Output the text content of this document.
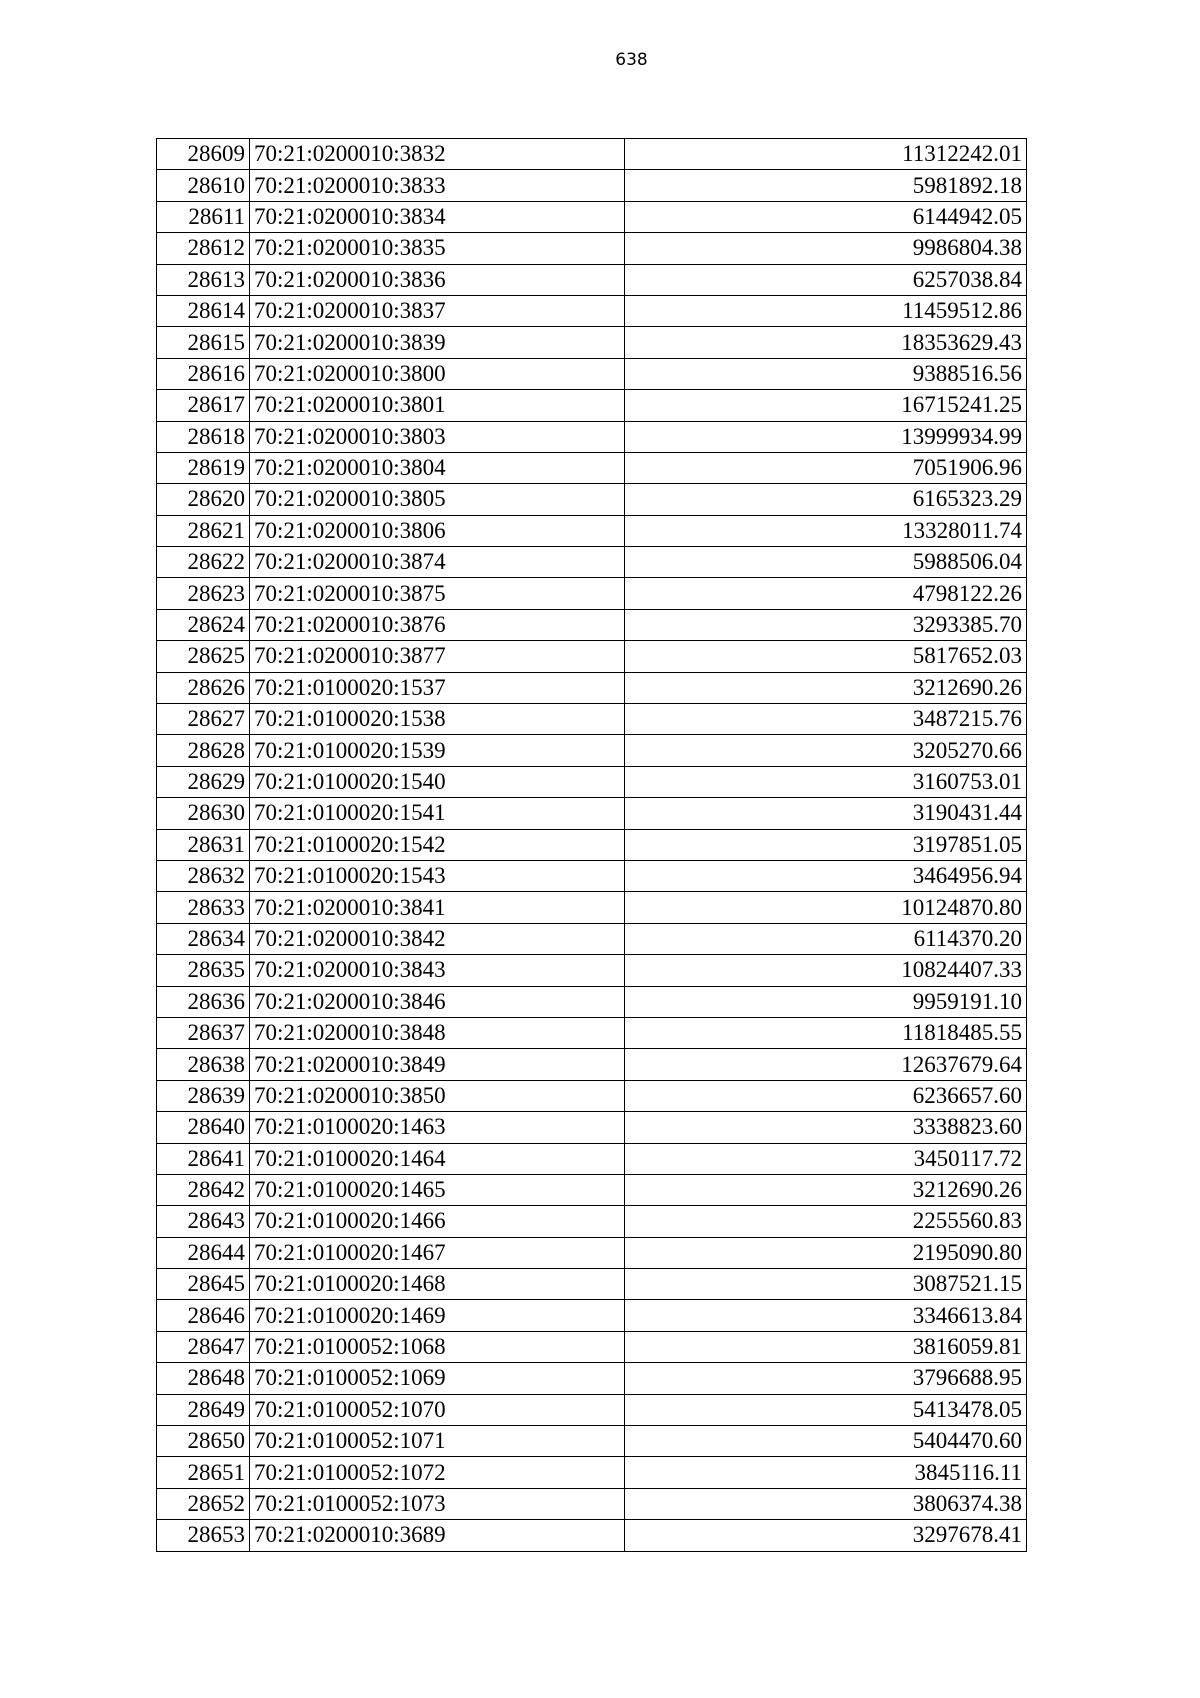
638
28609	70:21:0200010:3832	11312242.01
28610	70:21:0200010:3833	5981892.18
28611	70:21:0200010:3834	6144942.05
28612	70:21:0200010:3835	9986804.38
28613	70:21:0200010:3836	6257038.84
28614	70:21:0200010:3837	11459512.86
28615	70:21:0200010:3839	18353629.43
28616	70:21:0200010:3800	9388516.56
28617	70:21:0200010:3801	16715241.25
28618	70:21:0200010:3803	13999934.99
28619	70:21:0200010:3804	7051906.96
28620	70:21:0200010:3805	6165323.29
28621	70:21:0200010:3806	13328011.74
28622	70:21:0200010:3874	5988506.04
28623	70:21:0200010:3875	4798122.26
28624	70:21:0200010:3876	3293385.70
28625	70:21:0200010:3877	5817652.03
28626	70:21:0100020:1537	3212690.26
28627	70:21:0100020:1538	3487215.76
28628	70:21:0100020:1539	3205270.66
28629	70:21:0100020:1540	3160753.01
28630	70:21:0100020:1541	3190431.44
28631	70:21:0100020:1542	3197851.05
28632	70:21:0100020:1543	3464956.94
28633	70:21:0200010:3841	10124870.80
28634	70:21:0200010:3842	6114370.20
28635	70:21:0200010:3843	10824407.33
28636	70:21:0200010:3846	9959191.10
28637	70:21:0200010:3848	11818485.55
28638	70:21:0200010:3849	12637679.64
28639	70:21:0200010:3850	6236657.60
28640	70:21:0100020:1463	3338823.60
28641	70:21:0100020:1464	3450117.72
28642	70:21:0100020:1465	3212690.26
28643	70:21:0100020:1466	2255560.83
28644	70:21:0100020:1467	2195090.80
28645	70:21:0100020:1468	3087521.15
28646	70:21:0100020:1469	3346613.84
28647	70:21:0100052:1068	3816059.81
28648	70:21:0100052:1069	3796688.95
28649	70:21:0100052:1070	5413478.05
28650	70:21:0100052:1071	5404470.60
28651	70:21:0100052:1072	3845116.11
28652	70:21:0100052:1073	3806374.38
28653	70:21:0200010:3689	3297678.41
